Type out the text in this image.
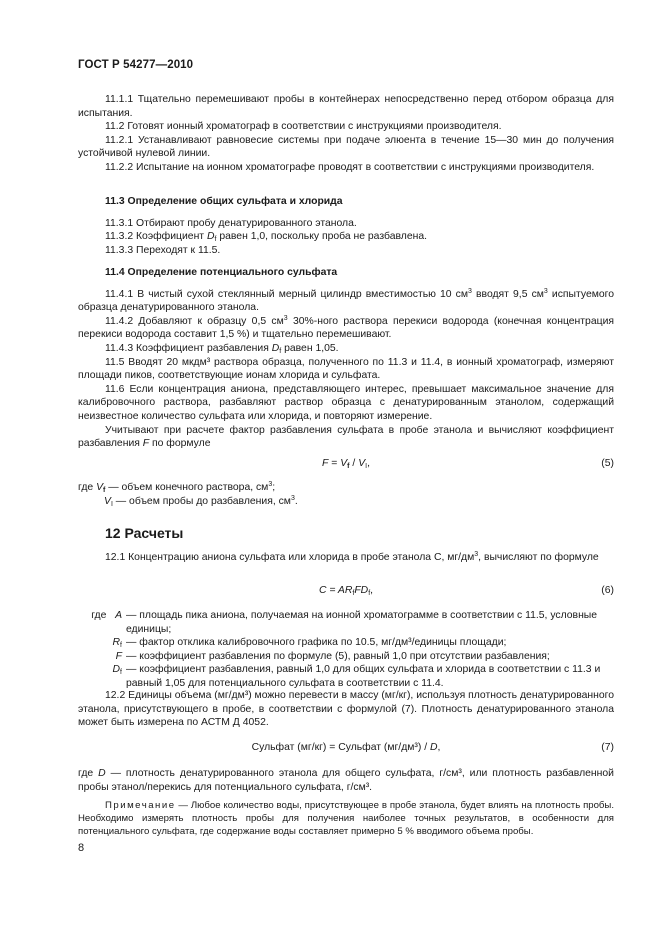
ГОСТ Р 54277—2010

11.1.1 Тщательно перемешивают пробы в контейнерах непосредственно перед отбором образца для испытания.

11.2 Готовят ионный хроматограф в соответствии с инструкциями производителя.

11.2.1 Устанавливают равновесие системы при подаче элюента в течение 15—30 мин до получения устойчивой нулевой линии.

11.2.2 Испытание на ионном хроматографе проводят в соответствии с инструкциями производителя.

11.3 Определение общих сульфата и хлорида

11.3.1 Отбирают пробу денатурированного этанола.

11.3.2 Коэффициент $D_f$ равен 1,0, поскольку проба не разбавлена.

11.3.3 Переходят к 11.5.

11.4 Определение потенциального сульфата

11.4.1 В чистый сухой стеклянный мерный цилиндр вместимостью 10 $см^3$ вводят 9,5 $см^3$ испытуемого образца денатурированного этанола.

11.4.2 Добавляют к образцу 0,5 $см^3$ 30%-ного раствора перекиси водорода (конечная концентрация перекиси водорода составит 1,5 %) и тщательно перемешивают.

11.4.3 Коэффициент разбавления $D_f$ равен 1,05.

11.5 Вводят 20 мкдм³ раствора образца, полученного по 11.3 и 11.4, в ионный хроматограф, измеряют площади пиков, соответствующие ионам хлорида и сульфата.

11.6 Если концентрация аниона, представляющего интерес, превышает максимальное значение для калибровочного раствора, разбавляют раствор образца с денатурированным этанолом, содержащий неизвестное количество сульфата или хлорида, и повторяют измерение.

Учитывают при расчете фактор разбавления сульфата в пробе этанола и вычисляют коэффициент разбавления F по формуле

$F = V_f / V_I$,	(5)

где $V_f$ — объем конечного раствора, $см^3$;

$V_I$ — объем пробы до разбавления, $см^3$.

12 Расчеты

12.1 Концентрацию аниона сульфата или хлорида в пробе этанола С, $мг/дм^3$, вычисляют по формуле

$C = AR_fFD_f$,	(6)
где A — площадь пика аниона, получаемая на ионной хроматограмме в соответствии с 11.5, условные единицы;
$R_f$ — фактор отклика калибровочного графика по 10.5, мг/дм³/единицы площади;
F — коэффициент разбавления по формуле (5), равный 1,0 при отсутствии разбавления;
$D_f$ — коэффициент разбавления, равный 1,0 для общих сульфата и хлорида в соответствии с 11.3 и равный 1,05 для потенциального сульфата в соответствии с 11.4.

12.2 Единицы объема (мг/дм³) можно перевести в массу (мг/кг), используя плотность денатурированного этанола, присутствующего в пробе, в соответствии с формулой (7). Плотность денатурированного этанола может быть измерена по АСТМ Д 4052.

Сульфат (мг/кг) = Сульфат (мг/дм³) / D,	(7)

где D — плотность денатурированного этанола для общего сульфата, г/см³, или плотность разбавленной пробы этанол/перекись для потенциального сульфата, г/см³.

Примечание — Любое количество воды, присутствующее в пробе этанола, будет влиять на плотность пробы. Необходимо измерять плотность пробы для получения наиболее точных результатов, в особенности для потенциального сульфата, где содержание воды составляет примерно 5 % вводимого объема пробы.

8
